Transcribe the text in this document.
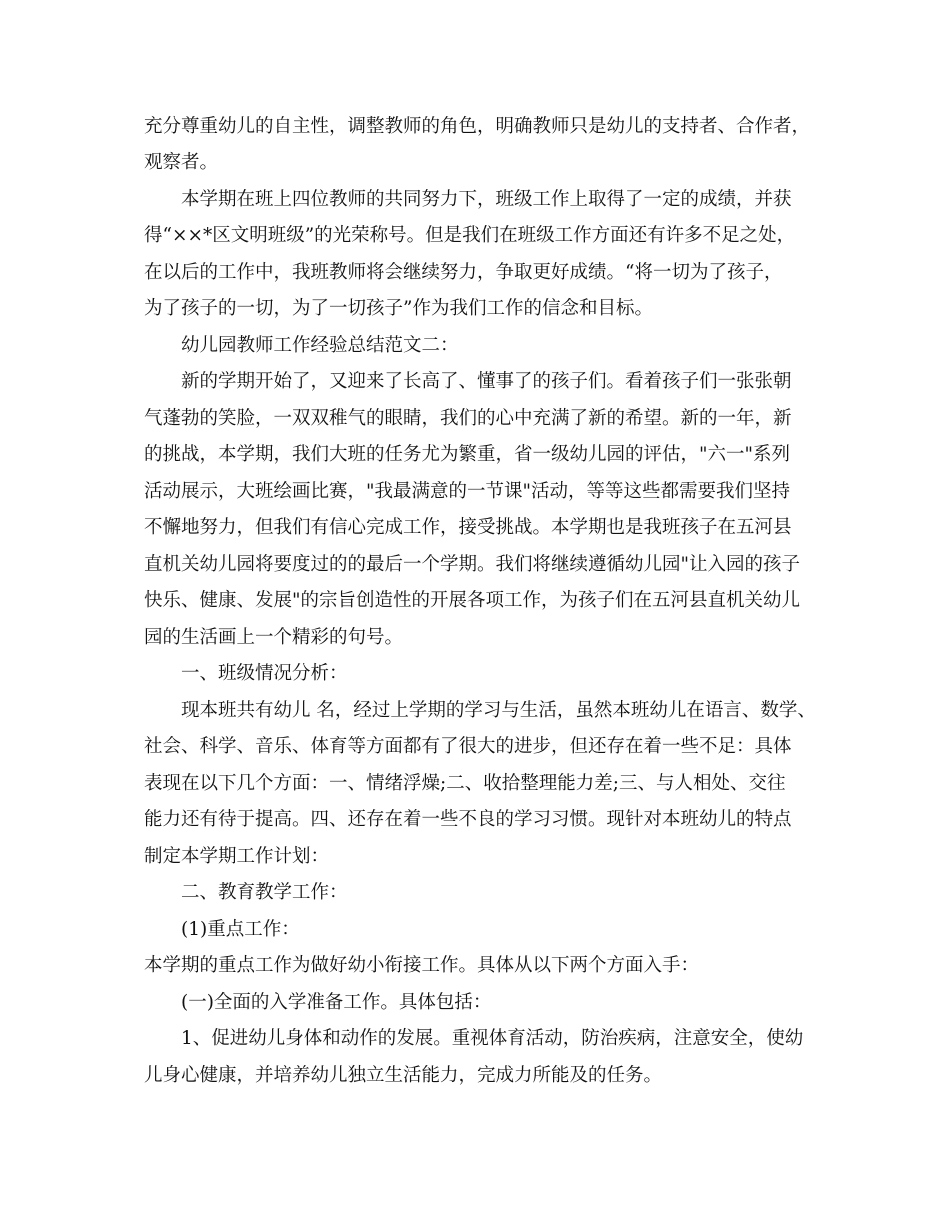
充分尊重幼儿的自主性，调整教师的角色，明确教师只是幼儿的支持者、合作者，
观察者。
本学期在班上四位教师的共同努力下，班级工作上取得了一定的成绩，并获
得“××*区文明班级”的光荣称号。但是我们在班级工作方面还有许多不足之处，
在以后的工作中，我班教师将会继续努力，争取更好成绩。“将一切为了孩子，
为了孩子的一切，为了一切孩子”作为我们工作的信念和目标。
幼儿园教师工作经验总结范文二：
新的学期开始了，又迎来了长高了、懂事了的孩子们。看着孩子们一张张朝
气蓬勃的笑脸，一双双稚气的眼睛，我们的心中充满了新的希望。新的一年，新
的挑战，本学期，我们大班的任务尤为繁重，省一级幼儿园的评估，"六一"系列
活动展示，大班绘画比赛，"我最满意的一节课"活动，等等这些都需要我们坚持
不懈地努力，但我们有信心完成工作，接受挑战。本学期也是我班孩子在五河县
直机关幼儿园将要度过的的最后一个学期。我们将继续遵循幼儿园"让入园的孩子
快乐、健康、发展"的宗旨创造性的开展各项工作，为孩子们在五河县直机关幼儿
园的生活画上一个精彩的句号。
一、班级情况分析：
现本班共有幼儿 名，经过上学期的学习与生活，虽然本班幼儿在语言、数学、
社会、科学、音乐、体育等方面都有了很大的进步，但还存在着一些不足：具体
表现在以下几个方面：一、情绪浮燥;二、收拾整理能力差;三、与人相处、交往
能力还有待于提高。四、还存在着一些不良的学习习惯。现针对本班幼儿的特点
制定本学期工作计划：
二、教育教学工作：
(1)重点工作：
本学期的重点工作为做好幼小衔接工作。具体从以下两个方面入手：
(一)全面的入学准备工作。具体包括：
1、促进幼儿身体和动作的发展。重视体育活动，防治疾病，注意安全，使幼
儿身心健康，并培养幼儿独立生活能力，完成力所能及的任务。
